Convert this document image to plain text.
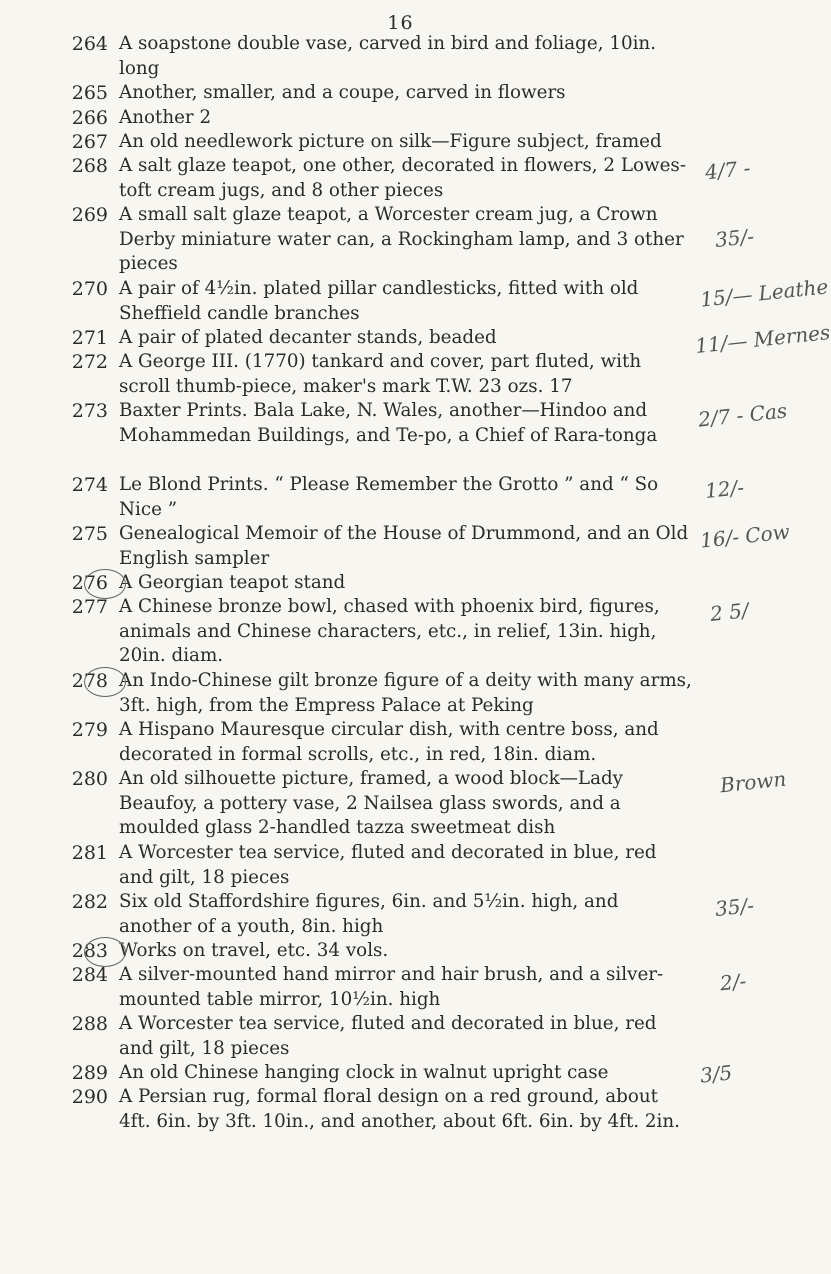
16
264 A soapstone double vase, carved in bird and foliage, 10in. long
265 Another, smaller, and a coupe, carved in flowers
266 Another 2
267 An old needlework picture on silk—Figure subject, framed
268 A salt glaze teapot, one other, decorated in flowers, 2 Lowes-toft cream jugs, and 8 other pieces
269 A small salt glaze teapot, a Worcester cream jug, a Crown Derby miniature water can, a Rockingham lamp, and 3 other pieces
270 A pair of 4½in. plated pillar candlesticks, fitted with old Sheffield candle branches
271 A pair of plated decanter stands, beaded
272 A George III. (1770) tankard and cover, part fluted, with scroll thumb-piece, maker's mark T.W. 23 ozs. 17
273 Baxter Prints. Bala Lake, N. Wales, another—Hindoo and Mohammedan Buildings, and Te-po, a Chief of Rara-tonga
274 Le Blond Prints. “ Please Remember the Grotto ” and “ So Nice ”
275 Genealogical Memoir of the House of Drummond, and an Old English sampler
276 A Georgian teapot stand
277 A Chinese bronze bowl, chased with phoenix bird, figures, animals and Chinese characters, etc., in relief, 13in. high, 20in. diam.
278 An Indo-Chinese gilt bronze figure of a deity with many arms, 3ft. high, from the Empress Palace at Peking
279 A Hispano Mauresque circular dish, with centre boss, and decorated in formal scrolls, etc., in red, 18in. diam.
280 An old silhouette picture, framed, a wood block—Lady Beaufoy, a pottery vase, 2 Nailsea glass swords, and a moulded glass 2-handled tazza sweetmeat dish
281 A Worcester tea service, fluted and decorated in blue, red and gilt, 18 pieces
282 Six old Staffordshire figures, 6in. and 5½in. high, and another of a youth, 8in. high
283 Works on travel, etc. 34 vols.
284 A silver-mounted hand mirror and hair brush, and a silver-mounted table mirror, 10½in. high
288 A Worcester tea service, fluted and decorated in blue, red and gilt, 18 pieces
289 An old Chinese hanging clock in walnut upright case
290 A Persian rug, formal floral design on a red ground, about 4ft. 6in. by 3ft. 10in., and another, about 6ft. 6in. by 4ft. 2in.
4/7 -
35/-
15/— Leathe
11/— Mernes
2/7 - Cas
12/-
16/- Cow
2 5/
Brown
35/-
2/-
3/5
